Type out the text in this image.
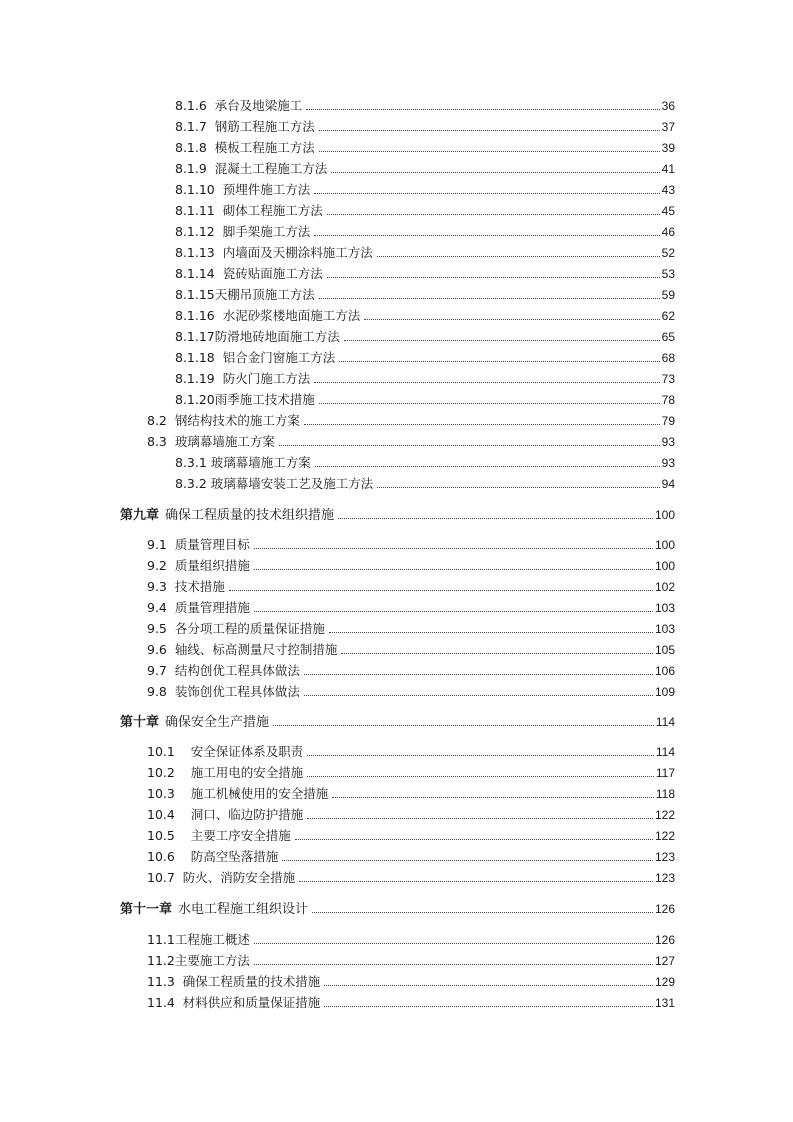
8.1.6 承台及地梁施工	36
8.1.7 钢筋工程施工方法	37
8.1.8 模板工程施工方法	39
8.1.9 混凝土工程施工方法	41
8.1.10 预埋件施工方法	43
8.1.11 砌体工程施工方法	45
8.1.12 脚手架施工方法	46
8.1.13 内墙面及天棚涂料施工方法	52
8.1.14 瓷砖贴面施工方法	53
8.1.15天棚吊顶施工方法	59
8.1.16 水泥砂浆楼地面施工方法	62
8.1.17防滑地砖地面施工方法	65
8.1.18 铝合金门窗施工方法	68
8.1.19 防火门施工方法	73
8.1.20雨季施工技术措施	78
8.2 钢结构技术的施工方案	79
8.3 玻璃幕墙施工方案	93
8.3.1 玻璃幕墙施工方案	93
8.3.2 玻璃幕墙安装工艺及施工方法	94
第九章 确保工程质量的技术组织措施	100
9.1 质量管理目标	100
9.2 质量组织措施	100
9.3 技术措施	102
9.4 质量管理措施	103
9.5 各分项工程的质量保证措施	103
9.6 轴线、标高测量尺寸控制措施	105
9.7 结构创优工程具体做法	106
9.8 装饰创优工程具体做法	109
第十章 确保安全生产措施	114
10.1 安全保证体系及职责	114
10.2 施工用电的安全措施	117
10.3 施工机械使用的安全措施	118
10.4 洞口、临边防护措施	122
10.5 主要工序安全措施	122
10.6 防高空坠落措施	123
10.7 防火、消防安全措施	123
第十一章 水电工程施工组织设计	126
11.1工程施工概述	126
11.2主要施工方法	127
11.3 确保工程质量的技术措施	129
11.4 材料供应和质量保证措施	131
